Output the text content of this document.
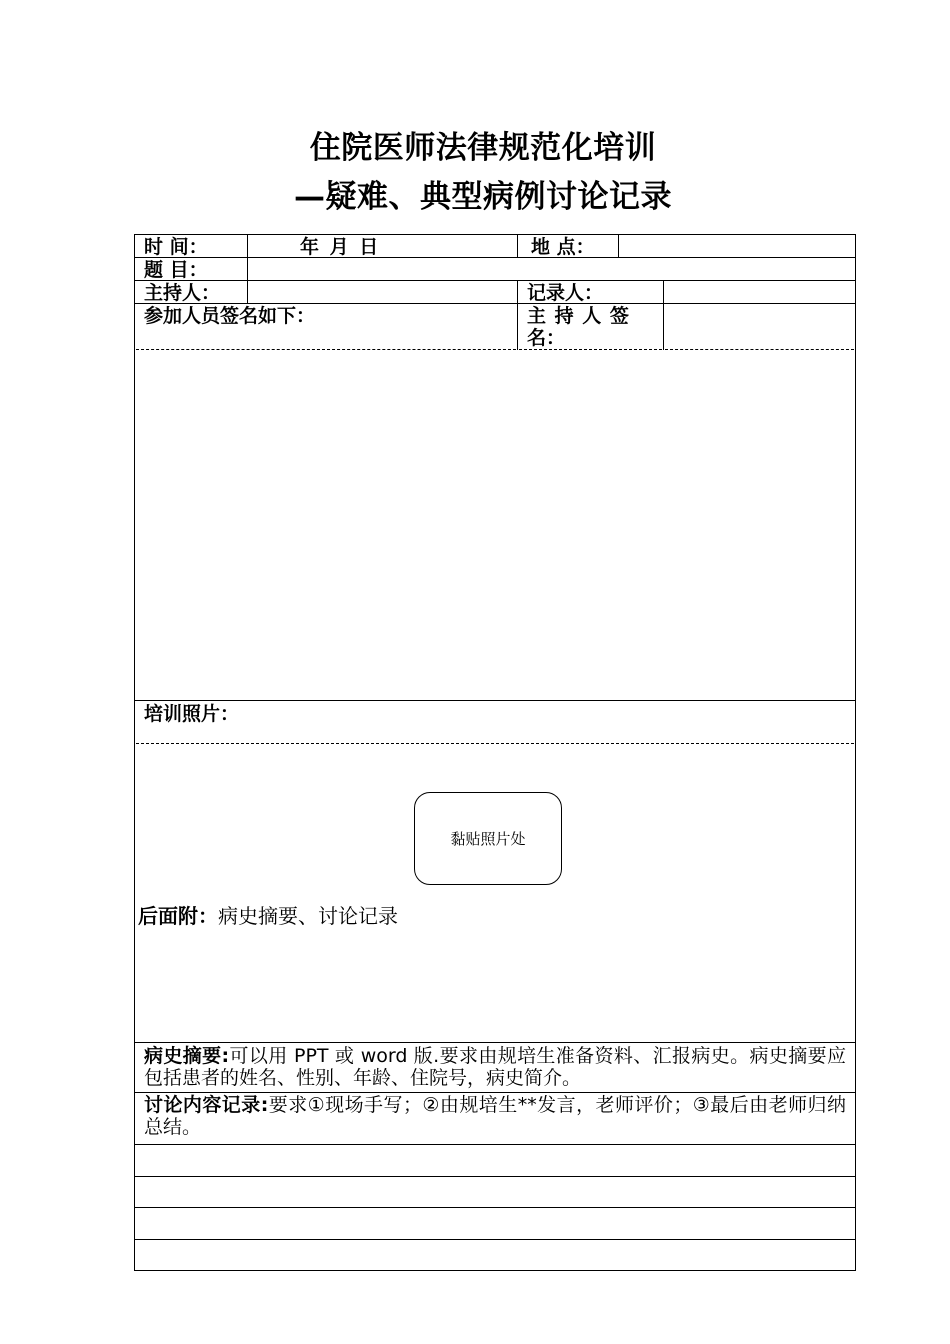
住院医师法律规范化培训
—疑难、典型病例讨论记录
时 间：	年 月 日	地 点：
题 目：
主持人：	记录人：
参加人员签名如下：	主 持 人 签
名：
培训照片：
黏贴照片处
后面附：病史摘要、讨论记录
病史摘要:可以用 PPT 或 word 版.要求由规培生准备资料、汇报病史。病史摘要应包括患者的姓名、性别、年龄、住院号，病史简介。
讨论内容记录:要求①现场手写；②由规培生**发言，老师评价；③最后由老师归纳总结。
